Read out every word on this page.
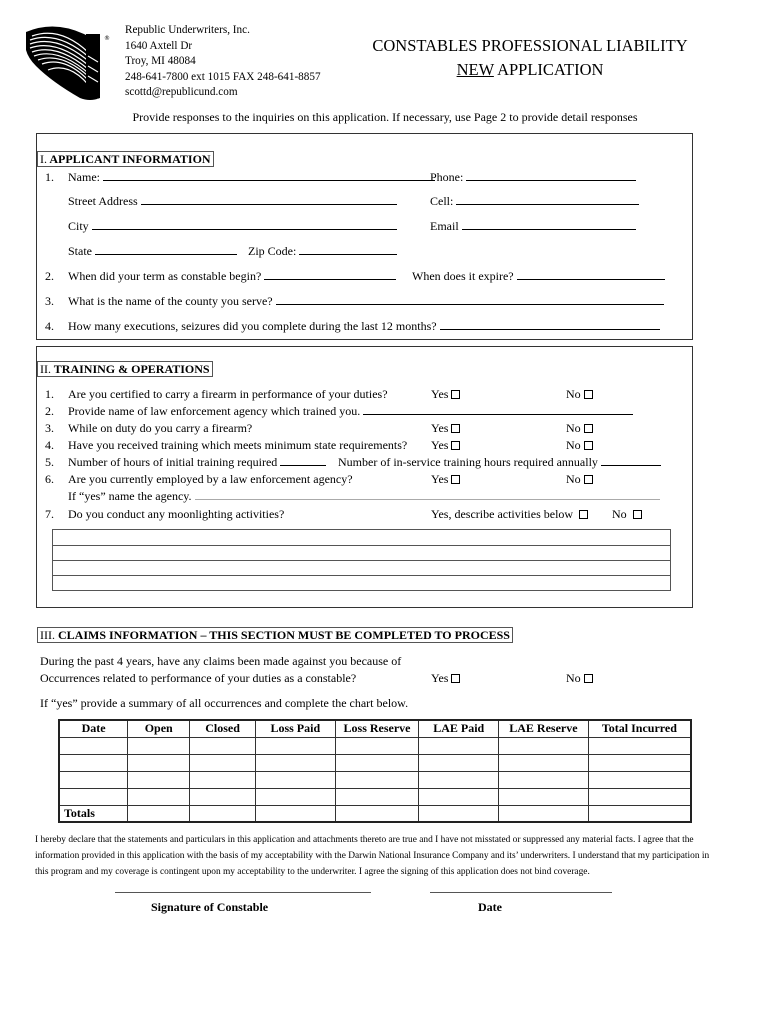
®
Republic Underwriters, Inc.
1640 Axtell Dr
Troy, MI 48084
248-641-7800 ext 1015 FAX 248-641-8857
scottd@republicund.com
CONSTABLES PROFESSIONAL LIABILITY
NEW APPLICATION
Provide responses to the inquiries on this application. If necessary, use Page 2 to provide detail responses
I. APPLICANT INFORMATION
1. Name:	Phone:
Street Address	Cell:
City	Email
State	Zip Code:
2. When did your term as constable begin?	When does it expire?
3. What is the name of the county you serve?
4. How many executions, seizures did you complete during the last 12 months?
II. TRAINING & OPERATIONS
1. Are you certified to carry a firearm in performance of your duties?	Yes	No
2. Provide name of law enforcement agency which trained you.
3. While on duty do you carry a firearm?	Yes	No
4. Have you received training which meets minimum state requirements? Yes	No
5. Number of hours of initial training required	Number of in-service training hours required annually
6. Are you currently employed by a law enforcement agency?	Yes	No
If “yes” name the agency.
7. Do you conduct any moonlighting activities?	Yes, describe activities below	No
III. CLAIMS INFORMATION – THIS SECTION MUST BE COMPLETED TO PROCESS
During the past 4 years, have any claims been made against you because of
Occurrences related to performance of your duties as a constable?	Yes	No
If “yes” provide a summary of all occurrences and complete the chart below.
Date	Open	Closed	Loss Paid	Loss Reserve	LAE Paid	LAE Reserve	Total Incurred

Totals							
I hereby declare that the statements and particulars in this application and attachments thereto are true and I have not misstated or suppressed any material facts. I agree that the information provided in this application with the basis of my acceptability with the Darwin National Insurance Company and its’ underwriters. I understand that my participation in this program and my coverage is contingent upon my acceptability to the underwriter. I agree the signing of this application does not bind coverage.
Signature of Constable	Date
